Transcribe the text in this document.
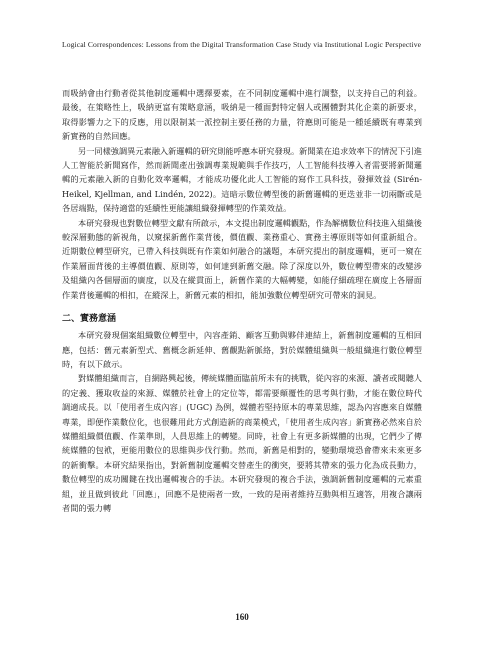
Logical Correspondences: Lessons from the Digital Transformation Case Study via Institutional Logic Perspective

而吸納會由行動者從其他制度邏輯中選擇要素，在不同制度邏輯中進行調整，以支持自己的利益。最後，在策略性上，吸納更富有策略意涵，吸納是一種面對特定個人或團體對其化企業的新要求，取得影響力之下的反應，用以限制某一派控制主要任務的力量，符應則可能是一種延續既有專業到新實務的自然回應。

另一同樣強調異元素融入新邏輯的研究則能呼應本研究發現。新聞業在追求效率下的情況下引進人工智能於新聞寫作，然而新聞產出強調專業規範與手作技巧，人工智能科技導入者需要將新聞邏輯的元素融入新的自動化效率邏輯，才能成功優化此人工智能的寫作工具科技，發揮效益 (Sirén-Heikel, Kjellman, and Lindén, 2022)。這暗示數位轉型後的新舊邏輯的更迭並非一切兩斷或是各居端點，保持適當的延續性更能讓組織發揮轉型的作業效益。

本研究發現也對數位轉型文獻有所啟示，本文提出制度邏輯觀點，作為解構數位科技進入組織後較深層動態的新視角，以窺探新舊作業背後，價值觀、業務重心、實務主導原則等如何重新組合。近期數位轉型研究，已帶入科技與既有作業如何融合的議題，本研究提出的制度邏輯，更可一窺在作業層面背後的主導價值觀、原則等，如何達到新舊交融。除了深度以外，數位轉型帶來的改變涉及組織內各個層面的廣度，以及在縱貫面上，新舊作業的大幅轉變，如能仔細疏理在廣度上各層面作業背後邏輯的相扣，在縱深上，新舊元素的相扣，能加強數位轉型研究可帶來的洞見。

二、實務意涵

本研究發現個案組織數位轉型中，內容產銷、顧客互動與夥伴連結上，新舊制度邏輯的互相回應，包括：舊元素新型式、舊概念新延伸、舊觀點新脈絡，對於媒體組織與一般組織進行數位轉型時，有以下啟示。

對媒體組織而言，自網路興起後，傳統媒體面臨前所未有的挑戰，從內容的來源、讀者或閱聽人的定義、獲取收益的來源、媒體於社會上的定位等，都需要顛覆性的思考與行動，才能在數位時代調適成長。以「使用者生成內容」(UGC) 為例，媒體若堅持原本的專業思維，認為內容應來自媒體專業，即便作業數位化，也很難用此方式創造新的商業模式，「使用者生成內容」新實務必然來自於媒體組織價值觀、作業準則，人員思維上的轉變。同時，社會上有更多新媒體的出現，它們少了傳統媒體的包袱，更能用數位的思維與步伐行動。然而，新舊是相對的，變動環境恐會帶來未來更多的新衝擊。本研究結果指出，對新舊制度邏輯交替產生的衝突，要將其帶來的張力化為成長動力，數位轉型的成功關鍵在找出邏輯複合的手法。本研究發現的複合手法，強調新舊制度邏輯的元素重組，並且做到彼此「回應」，回應不是使兩者一致，一致的是兩者維持互動與相互適答，用複合讓兩者間的張力轉

160
